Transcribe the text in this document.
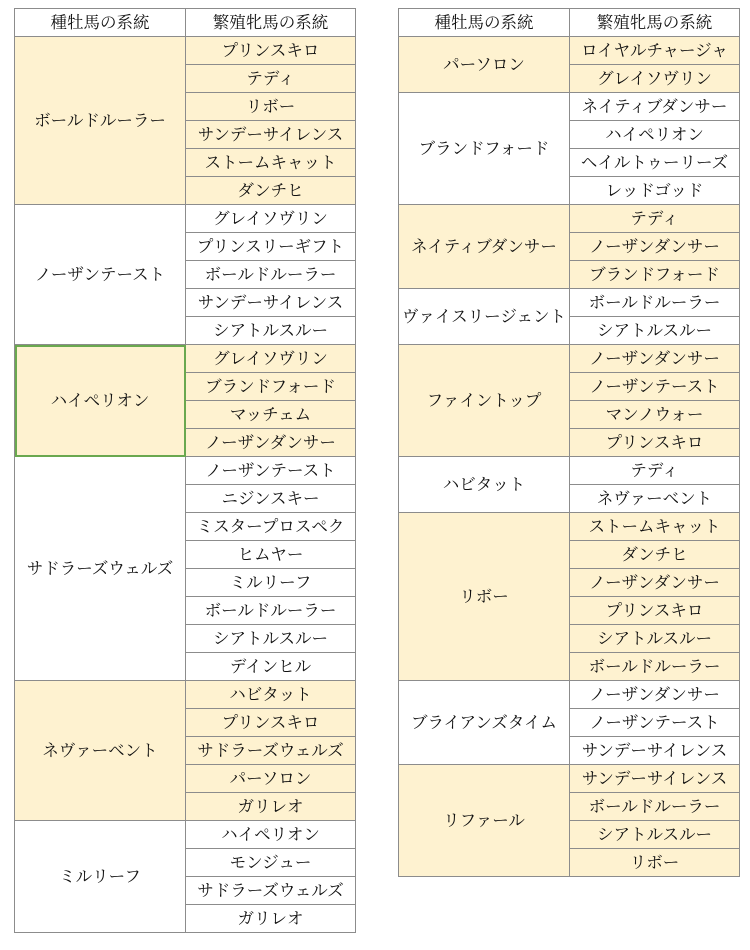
種牡馬の系統	繁殖牝馬の系統
ボールドルーラー	プリンスキロ
	テディ
	リボー
	サンデーサイレンス
	ストームキャット
	ダンチヒ
ノーザンテースト	グレイソヴリン
	プリンスリーギフト
	ボールドルーラー
	サンデーサイレンス
	シアトルスルー
ハイペリオン	グレイソヴリン
	ブランドフォード
	マッチェム
	ノーザンダンサー
サドラーズウェルズ	ノーザンテースト
	ニジンスキー
	ミスタープロスペク
	ヒムヤー
	ミルリーフ
	ボールドルーラー
	シアトルスルー
	デインヒル
ネヴァーベント	ハビタット
	プリンスキロ
	サドラーズウェルズ
	パーソロン
	ガリレオ
ミルリーフ	ハイペリオン
	モンジュー
	サドラーズウェルズ
	ガリレオ
種牡馬の系統	繁殖牝馬の系統
パーソロン	ロイヤルチャージャ
	グレイソヴリン
ブランドフォード	ネイティブダンサー
	ハイペリオン
	ヘイルトゥーリーズ
	レッドゴッド
ネイティブダンサー	テディ
	ノーザンダンサー
	ブランドフォード
ヴァイスリージェント	ボールドルーラー
	シアトルスルー
ファイントップ	ノーザンダンサー
	ノーザンテースト
	マンノウォー
	プリンスキロ
ハビタット	テディ
	ネヴァーベント
リボー	ストームキャット
	ダンチヒ
	ノーザンダンサー
	プリンスキロ
	シアトルスルー
	ボールドルーラー
ブライアンズタイム	ノーザンダンサー
	ノーザンテースト
	サンデーサイレンス
リファール	サンデーサイレンス
	ボールドルーラー
	シアトルスルー
	リボー
